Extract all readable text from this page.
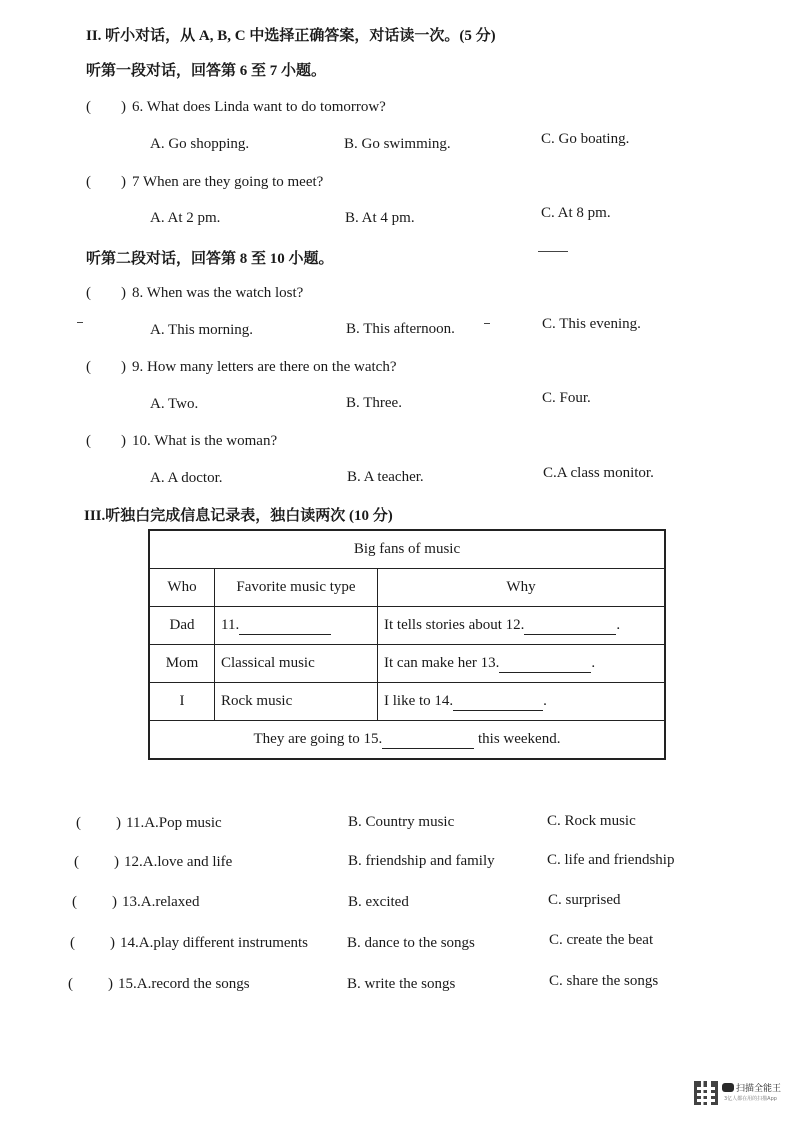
II. 听小对话，从 A, B, C 中选择正确答案，对话读一次。(5 分)
听第一段对话，回答第 6 至 7 小题。
( ) 6. What does Linda want to do tomorrow?
A. Go shopping.	B. Go swimming.	C. Go boating.
( ) 7 When are they going to meet?
A. At 2 pm.	B. At 4 pm.	C. At 8 pm.
听第二段对话，回答第 8 至 10 小题。
( ) 8. When was the watch lost?
A. This morning.	B. This afternoon.	C. This evening.
( ) 9. How many letters are there on the watch?
A. Two.	B. Three.	C. Four.
( ) 10. What is the woman?
A. A doctor.	B. A teacher.	C.A class monitor.
III.听独白完成信息记录表，独白读两次 (10 分)
Big fans of music		
Who	Favorite music type	Why
Dad	11.	It tells stories about 12. .
Mom	Classical music	It can make her 13. .
I	Rock music	I like to 14. .
They are going to 15. this weekend.		
( ) 11.A.Pop music	B. Country music	C. Rock music
( ) 12.A.love and life	B. friendship and family	C. life and friendship
( ) 13.A.relaxed	B. excited	C. surprised
( ) 14.A.play different instruments	B. dance to the songs	C. create the beat
( ) 15.A.record the songs	B. write the songs	C. share the songs
扫描全能王
3亿人都在用的扫描App
